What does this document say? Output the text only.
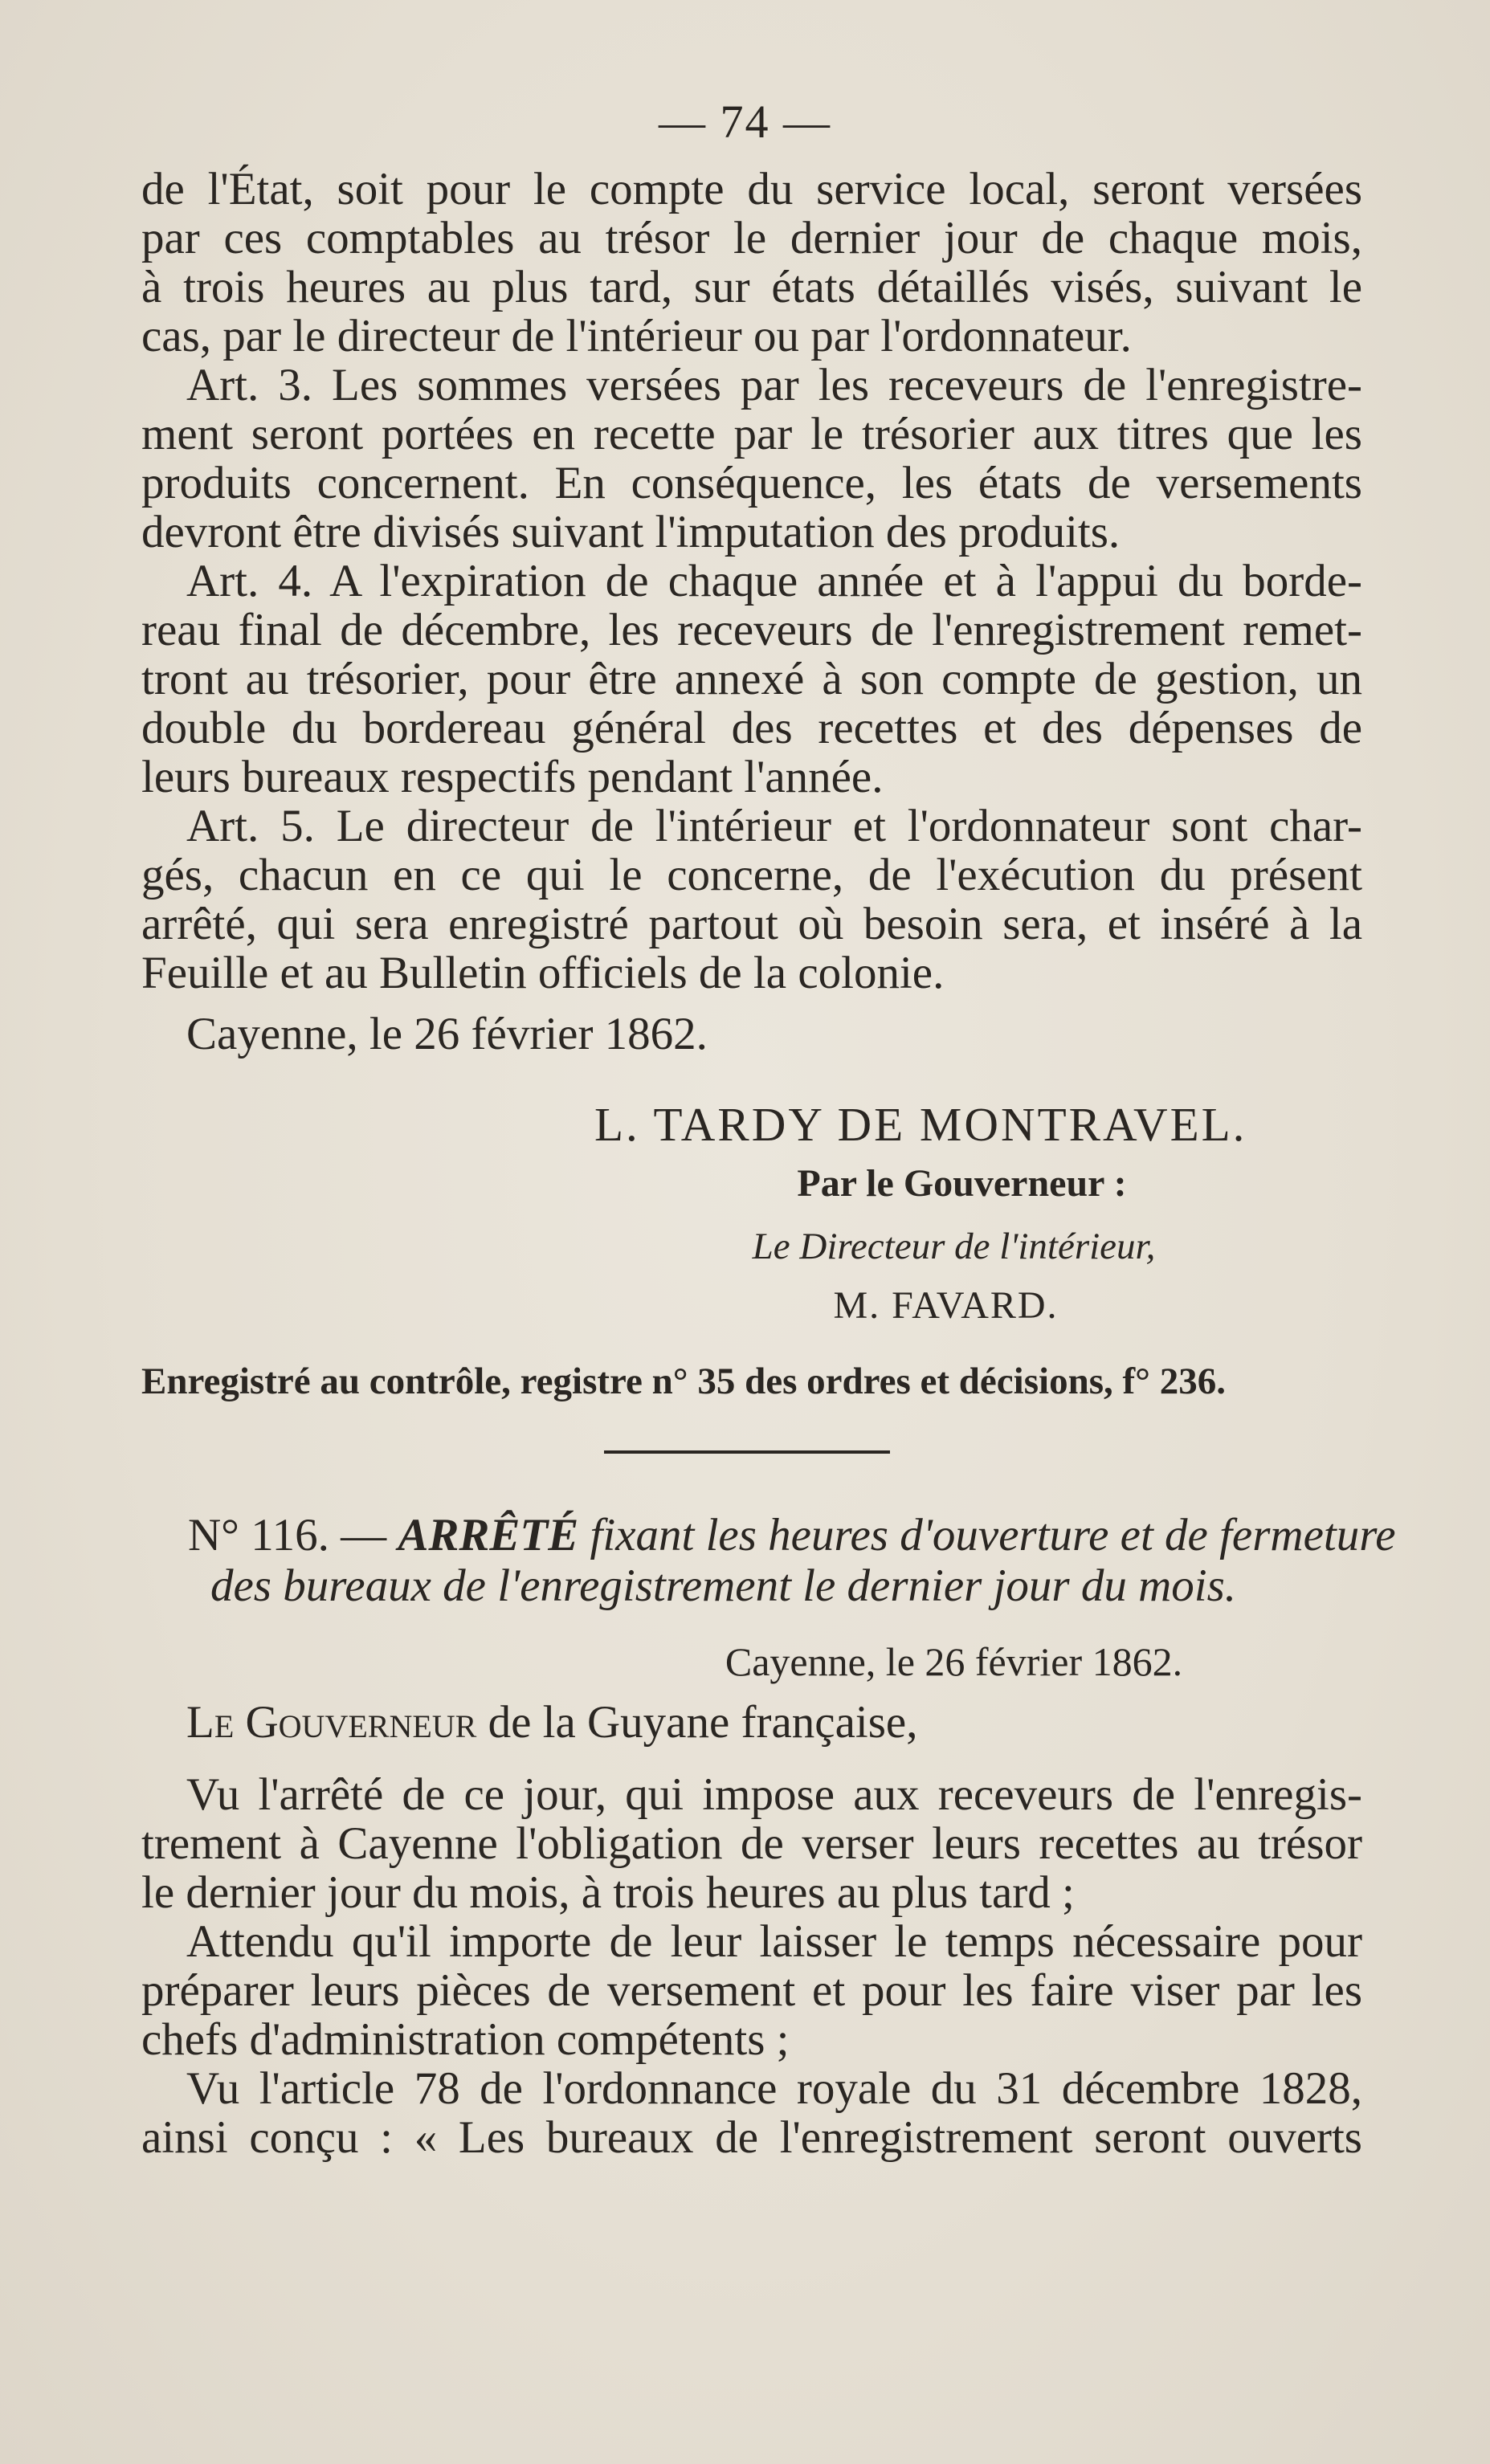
— 74 —
de l'État, soit pour le compte du service local, seront versées
par ces comptables au trésor le dernier jour de chaque mois,
à trois heures au plus tard, sur états détaillés visés, suivant le
cas, par le directeur de l'intérieur ou par l'ordonnateur.
Art. 3. Les sommes versées par les receveurs de l'enregistre-
ment seront portées en recette par le trésorier aux titres que les
produits concernent. En conséquence, les états de versements
devront être divisés suivant l'imputation des produits.
Art. 4. A l'expiration de chaque année et à l'appui du borde-
reau final de décembre, les receveurs de l'enregistrement remet-
tront au trésorier, pour être annexé à son compte de gestion, un
double du bordereau général des recettes et des dépenses de
leurs bureaux respectifs pendant l'année.
Art. 5. Le directeur de l'intérieur et l'ordonnateur sont char-
gés, chacun en ce qui le concerne, de l'exécution du présent
arrêté, qui sera enregistré partout où besoin sera, et inséré à la
Feuille et au Bulletin officiels de la colonie.
Cayenne, le 26 février 1862.
L. TARDY DE MONTRAVEL.
Par le Gouverneur :
Le Directeur de l'intérieur,
M. FAVARD.
Enregistré au contrôle, registre n° 35 des ordres et décisions, f° 236.
N° 116. — ARRÊTÉ fixant les heures d'ouverture et de fermeture
des bureaux de l'enregistrement le dernier jour du mois.
Cayenne, le 26 février 1862.
Le Gouverneur de la Guyane française,
Vu l'arrêté de ce jour, qui impose aux receveurs de l'enregis-
trement à Cayenne l'obligation de verser leurs recettes au trésor
le dernier jour du mois, à trois heures au plus tard ;
Attendu qu'il importe de leur laisser le temps nécessaire pour
préparer leurs pièces de versement et pour les faire viser par les
chefs d'administration compétents ;
Vu l'article 78 de l'ordonnance royale du 31 décembre 1828,
ainsi conçu : « Les bureaux de l'enregistrement seront ouverts
